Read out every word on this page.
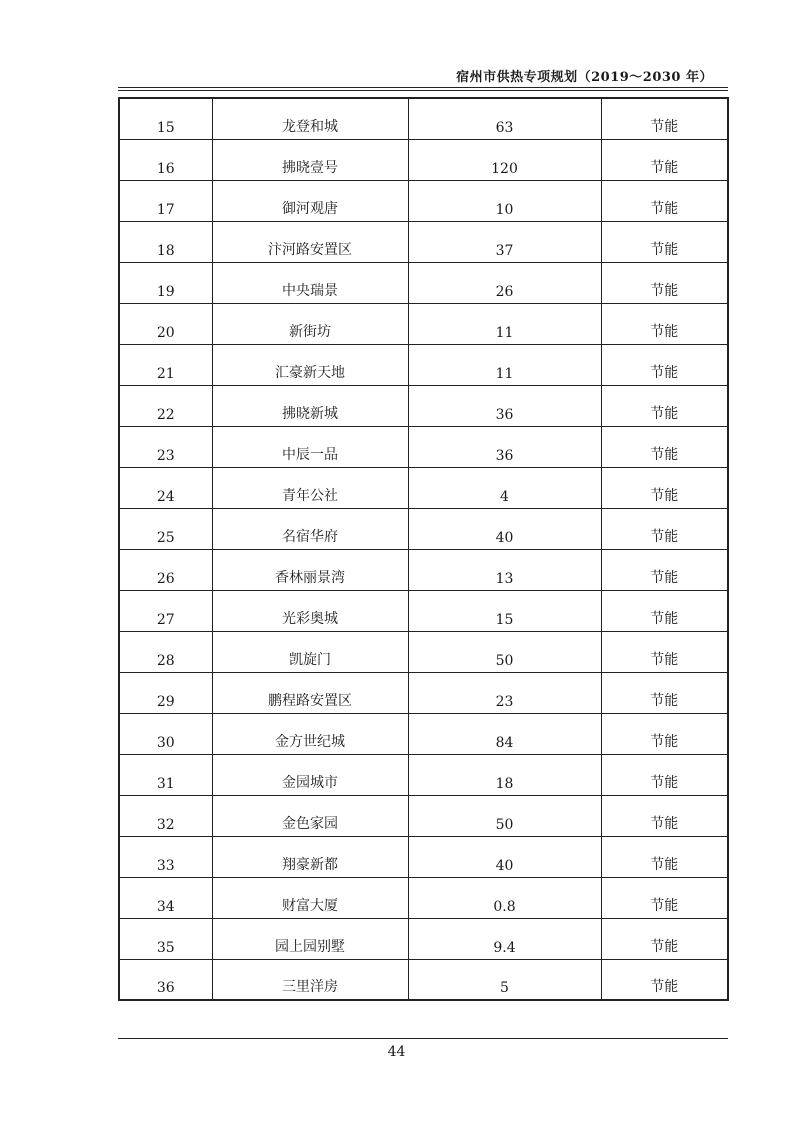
宿州市供热专项规划（2019～2030 年）
15	龙登和城	63	节能
16	拂晓壹号	120	节能
17	御河观唐	10	节能
18	汴河路安置区	37	节能
19	中央瑞景	26	节能
20	新街坊	11	节能
21	汇豪新天地	11	节能
22	拂晓新城	36	节能
23	中辰一品	36	节能
24	青年公社	4	节能
25	名宿华府	40	节能
26	香林丽景湾	13	节能
27	光彩奥城	15	节能
28	凯旋门	50	节能
29	鹏程路安置区	23	节能
30	金方世纪城	84	节能
31	金园城市	18	节能
32	金色家园	50	节能
33	翔豪新都	40	节能
34	财富大厦	0.8	节能
35	园上园别墅	9.4	节能
36	三里洋房	5	节能
44
